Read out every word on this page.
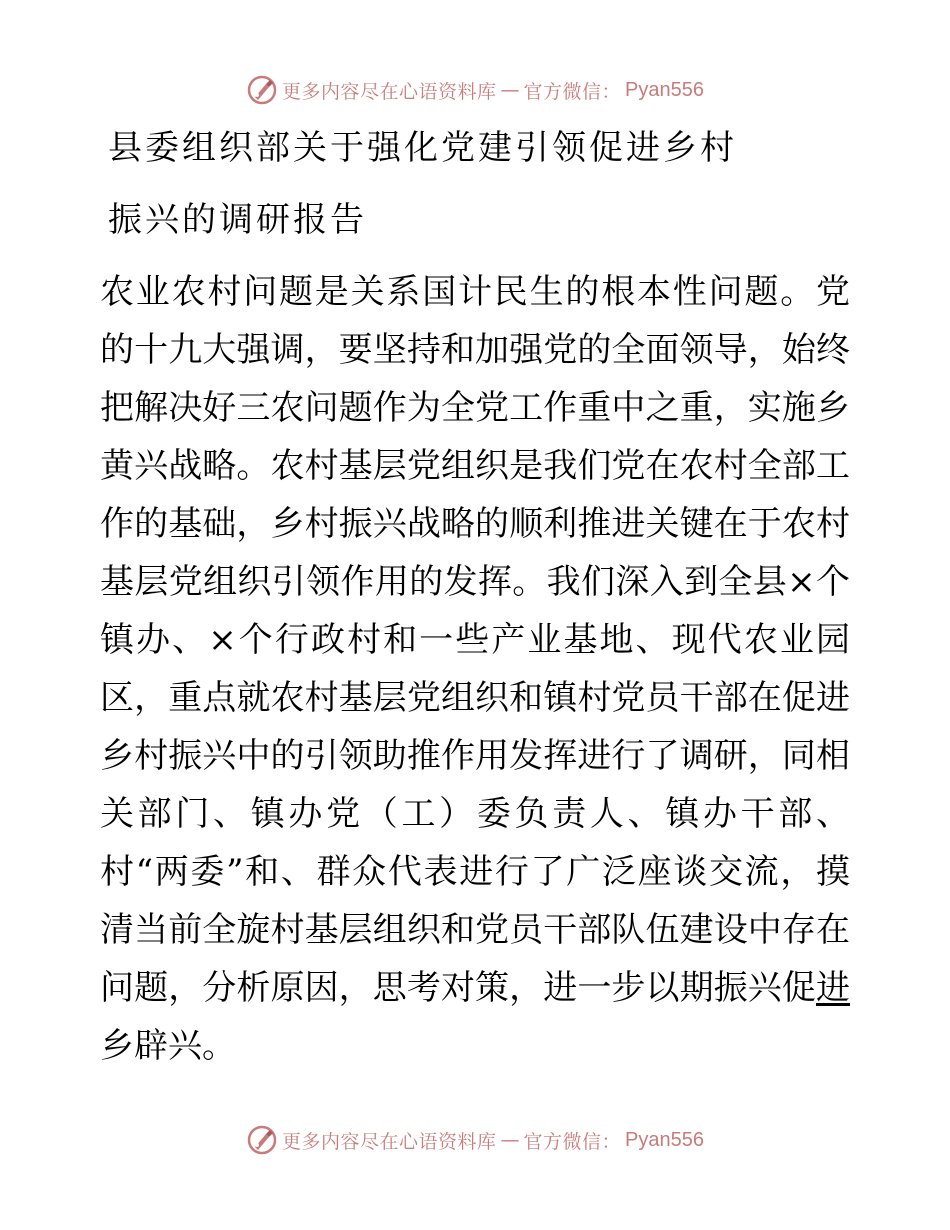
更多内容尽在心语资料库 — 官方微信： Pyan556
县委组织部关于强化党建引领促进乡村
振兴的调研报告
农业农村问题是关系国计民生的根本性问题。党
的十九大强调，要坚持和加强党的全面领导，始终
把解决好三农问题作为全党工作重中之重，实施乡
黄兴战略。农村基层党组织是我们党在农村全部工
作的基础，乡村振兴战略的顺利推进关键在于农村
基层党组织引领作用的发挥。我们深入到全县×个
镇办、×个行政村和一些产业基地、现代农业园
区，重点就农村基层党组织和镇村党员干部在促进
乡村振兴中的引领助推作用发挥进行了调研，同相
关部门、镇办党（工）委负责人、镇办干部、
村“两委”和、群众代表进行了广泛座谈交流，摸
清当前全旋村基层组织和党员干部队伍建设中存在
问题，分析原因，思考对策，进一步以期振兴促进
乡辟兴。
更多内容尽在心语资料库 — 官方微信： Pyan556
